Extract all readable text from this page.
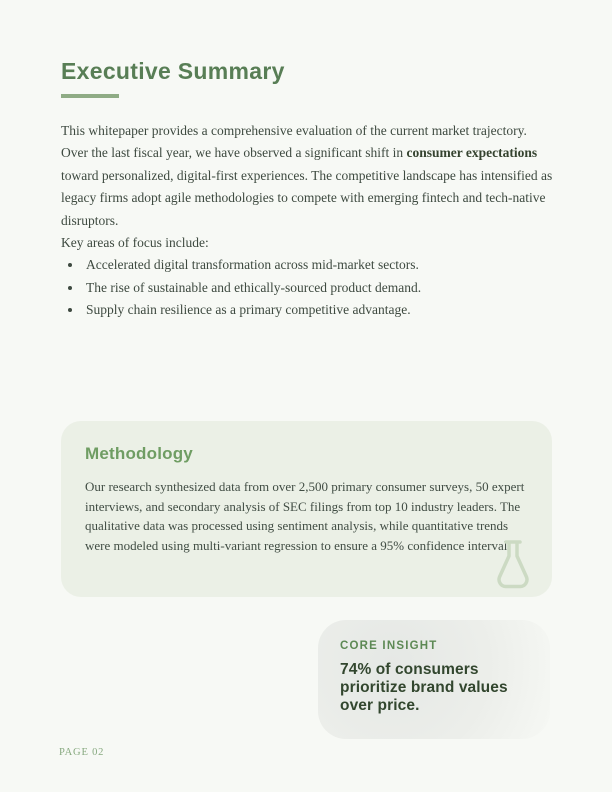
Executive Summary

This whitepaper provides a comprehensive evaluation of the current market trajectory. Over the last fiscal year, we have observed a significant shift in consumer expectations toward personalized, digital-first experiences. The competitive landscape has intensified as legacy firms adopt agile methodologies to compete with emerging fintech and tech-native disruptors.

Key areas of focus include:

• Accelerated digital transformation across mid-market sectors.
• The rise of sustainable and ethically-sourced product demand.
• Supply chain resilience as a primary competitive advantage.
Methodology

Our research synthesized data from over 2,500 primary consumer surveys, 50 expert interviews, and secondary analysis of SEC filings from top 10 industry leaders. The qualitative data was processed using sentiment analysis, while quantitative trends were modeled using multi-variant regression to ensure a 95% confidence interval.

CORE INSIGHT
74% of consumers prioritize brand values over price.
PAGE 02
